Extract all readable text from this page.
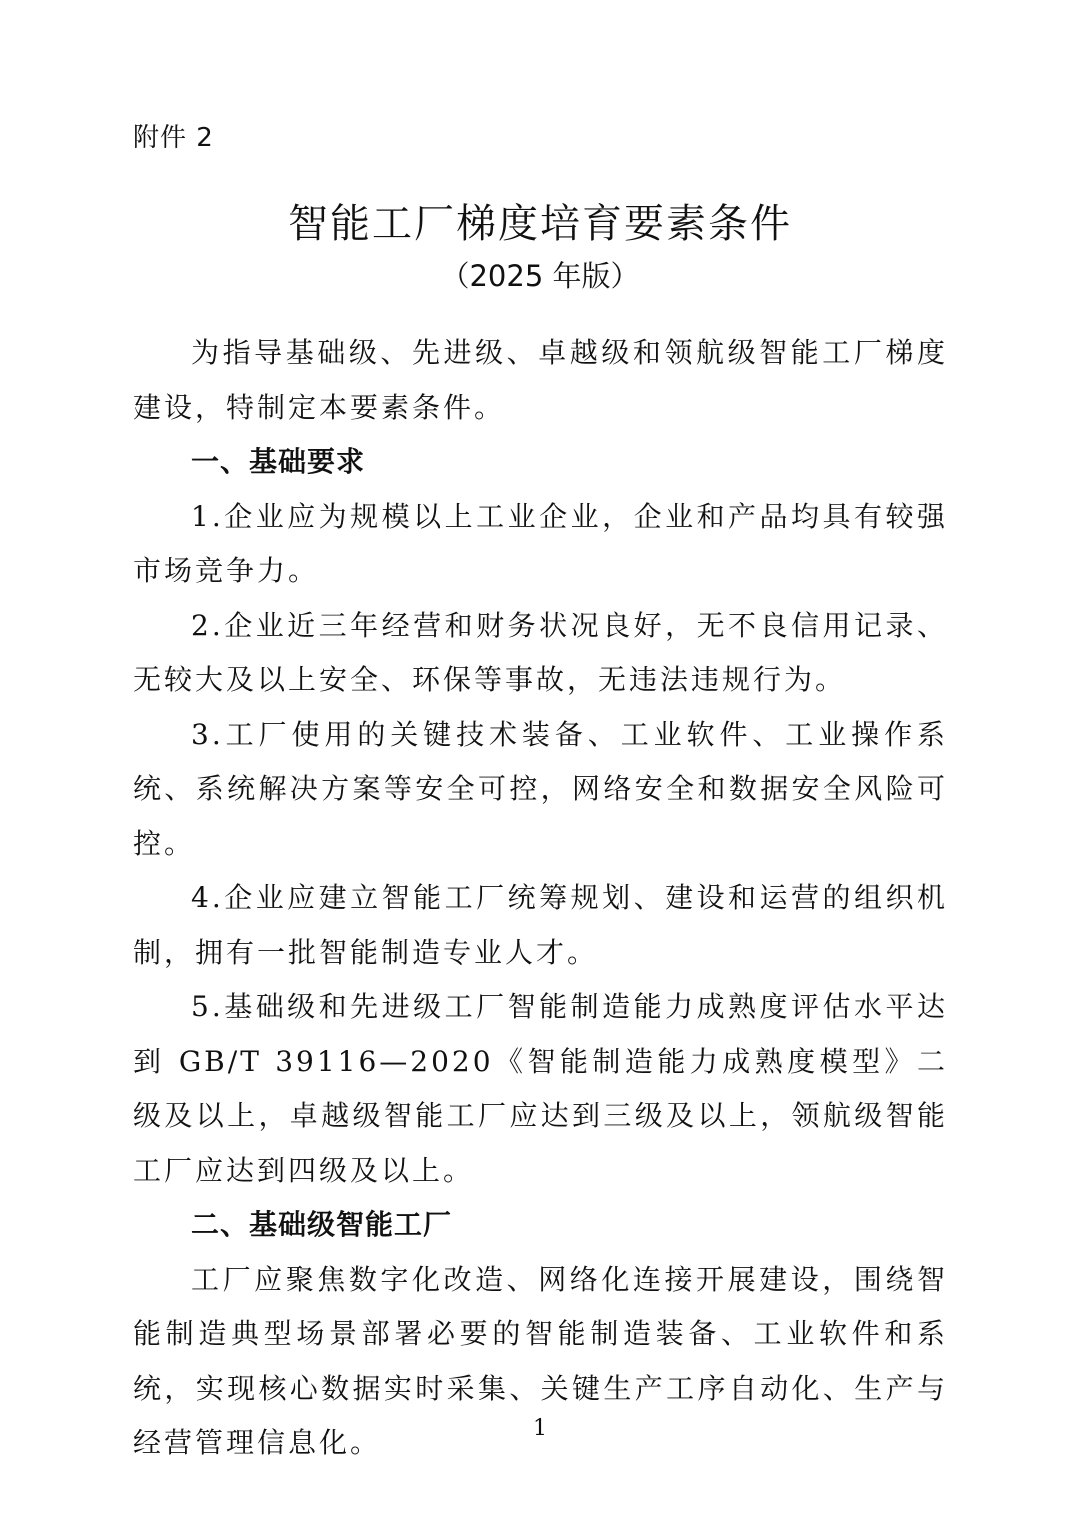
附件 2
智能工厂梯度培育要素条件
（2025 年版）

为指导基础级、先进级、卓越级和领航级智能工厂梯度建设，特制定本要素条件。

一、基础要求

1.企业应为规模以上工业企业，企业和产品均具有较强市场竞争力。

2.企业近三年经营和财务状况良好，无不良信用记录、无较大及以上安全、环保等事故，无违法违规行为。

3.工厂使用的关键技术装备、工业软件、工业操作系统、系统解决方案等安全可控，网络安全和数据安全风险可控。

4.企业应建立智能工厂统筹规划、建设和运营的组织机制，拥有一批智能制造专业人才。

5.基础级和先进级工厂智能制造能力成熟度评估水平达到 GB/T 39116—2020《智能制造能力成熟度模型》二级及以上，卓越级智能工厂应达到三级及以上，领航级智能工厂应达到四级及以上。

二、基础级智能工厂

工厂应聚焦数字化改造、网络化连接开展建设，围绕智能制造典型场景部署必要的智能制造装备、工业软件和系统，实现核心数据实时采集、关键生产工序自动化、生产与经营管理信息化。	1
